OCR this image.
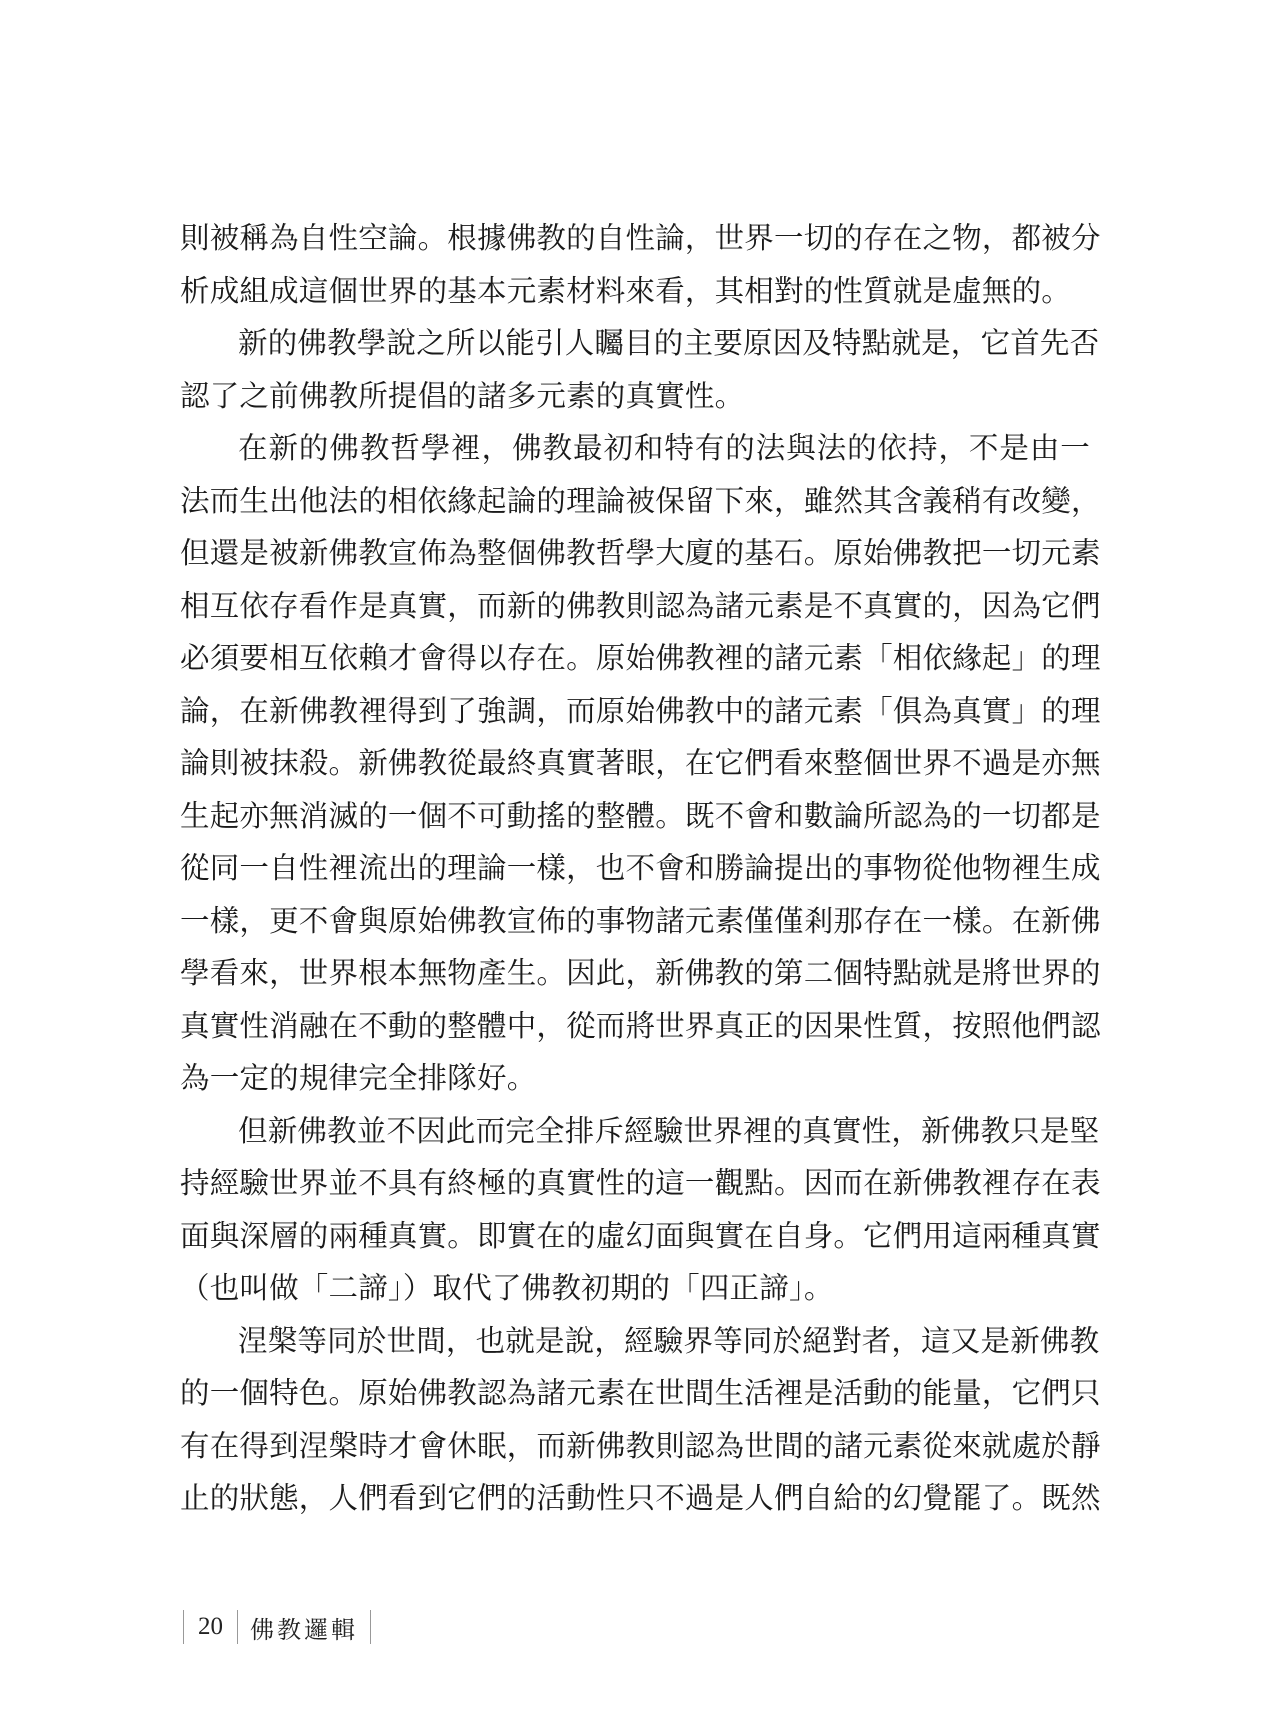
則被稱為自性空論。根據佛教的自性論，世界一切的存在之物，都被分
析成組成這個世界的基本元素材料來看，其相對的性質就是虛無的。
新的佛教學說之所以能引人矚目的主要原因及特點就是，它首先否
認了之前佛教所提倡的諸多元素的真實性。
在新的佛教哲學裡，佛教最初和特有的法與法的依持，不是由一
法而生出他法的相依緣起論的理論被保留下來，雖然其含義稍有改變，
但還是被新佛教宣佈為整個佛教哲學大廈的基石。原始佛教把一切元素
相互依存看作是真實，而新的佛教則認為諸元素是不真實的，因為它們
必須要相互依賴才會得以存在。原始佛教裡的諸元素「相依緣起」的理
論，在新佛教裡得到了強調，而原始佛教中的諸元素「俱為真實」的理
論則被抹殺。新佛教從最終真實著眼，在它們看來整個世界不過是亦無
生起亦無消滅的一個不可動搖的整體。既不會和數論所認為的一切都是
從同一自性裡流出的理論一樣，也不會和勝論提出的事物從他物裡生成
一樣，更不會與原始佛教宣佈的事物諸元素僅僅剎那存在一樣。在新佛
學看來，世界根本無物產生。因此，新佛教的第二個特點就是將世界的
真實性消融在不動的整體中，從而將世界真正的因果性質，按照他們認
為一定的規律完全排隊好。
但新佛教並不因此而完全排斥經驗世界裡的真實性，新佛教只是堅
持經驗世界並不具有終極的真實性的這一觀點。因而在新佛教裡存在表
面與深層的兩種真實。即實在的虛幻面與實在自身。它們用這兩種真實
（也叫做「二諦」）取代了佛教初期的「四正諦」。
涅槃等同於世間，也就是說，經驗界等同於絕對者，這又是新佛教
的一個特色。原始佛教認為諸元素在世間生活裡是活動的能量，它們只
有在得到涅槃時才會休眠，而新佛教則認為世間的諸元素從來就處於靜
止的狀態，人們看到它們的活動性只不過是人們自給的幻覺罷了。既然
20	佛教邏輯
